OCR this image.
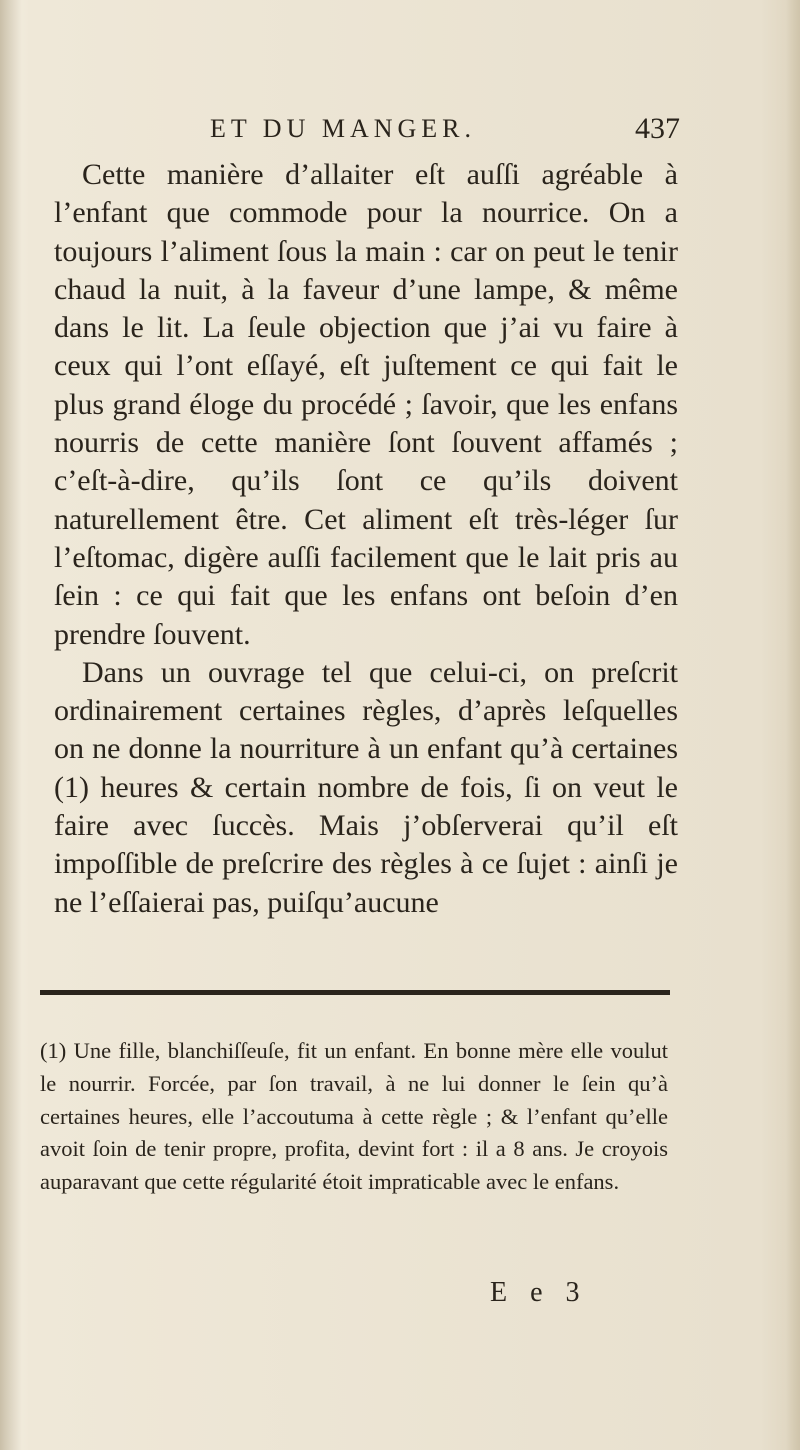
ET DU MANGER.	437

Cette manière d’allaiter eſt auſſi agréable à l’enfant que commode pour la nourrice. On a toujours l’aliment ſous la main : car on peut le tenir chaud la nuit, à la faveur d’une lampe, & même dans le lit. La ſeule objection que j’ai vu faire à ceux qui l’ont eſſayé, eſt juſtement ce qui fait le plus grand éloge du procédé ; ſavoir, que les enfans nourris de cette manière ſont ſouvent affamés ; c’eſt-à-dire, qu’ils ſont ce qu’ils doivent naturellement être. Cet aliment eſt très-léger ſur l’eſtomac, digère auſſi facilement que le lait pris au ſein : ce qui fait que les enfans ont beſoin d’en prendre ſouvent.

Dans un ouvrage tel que celui-ci, on preſcrit ordinairement certaines règles, d’après leſquelles on ne donne la nourriture à un enfant qu’à certaines (1) heures & certain nombre de fois, ſi on veut le faire avec ſuccès. Mais j’obſerverai qu’il eſt impoſſible de preſcrire des règles à ce ſujet : ainſi je ne l’eſſaierai pas, puiſqu’aucune

(1) Une fille, blanchiſſeuſe, fit un enfant. En bonne mère elle voulut le nourrir. Forcée, par ſon travail, à ne lui donner le ſein qu’à certaines heures, elle l’accoutuma à cette règle ; & l’enfant qu’elle avoit ſoin de tenir propre, profita, devint fort : il a 8 ans. Je croyois auparavant que cette régularité étoit impraticable avec le enfans.

E e 3
